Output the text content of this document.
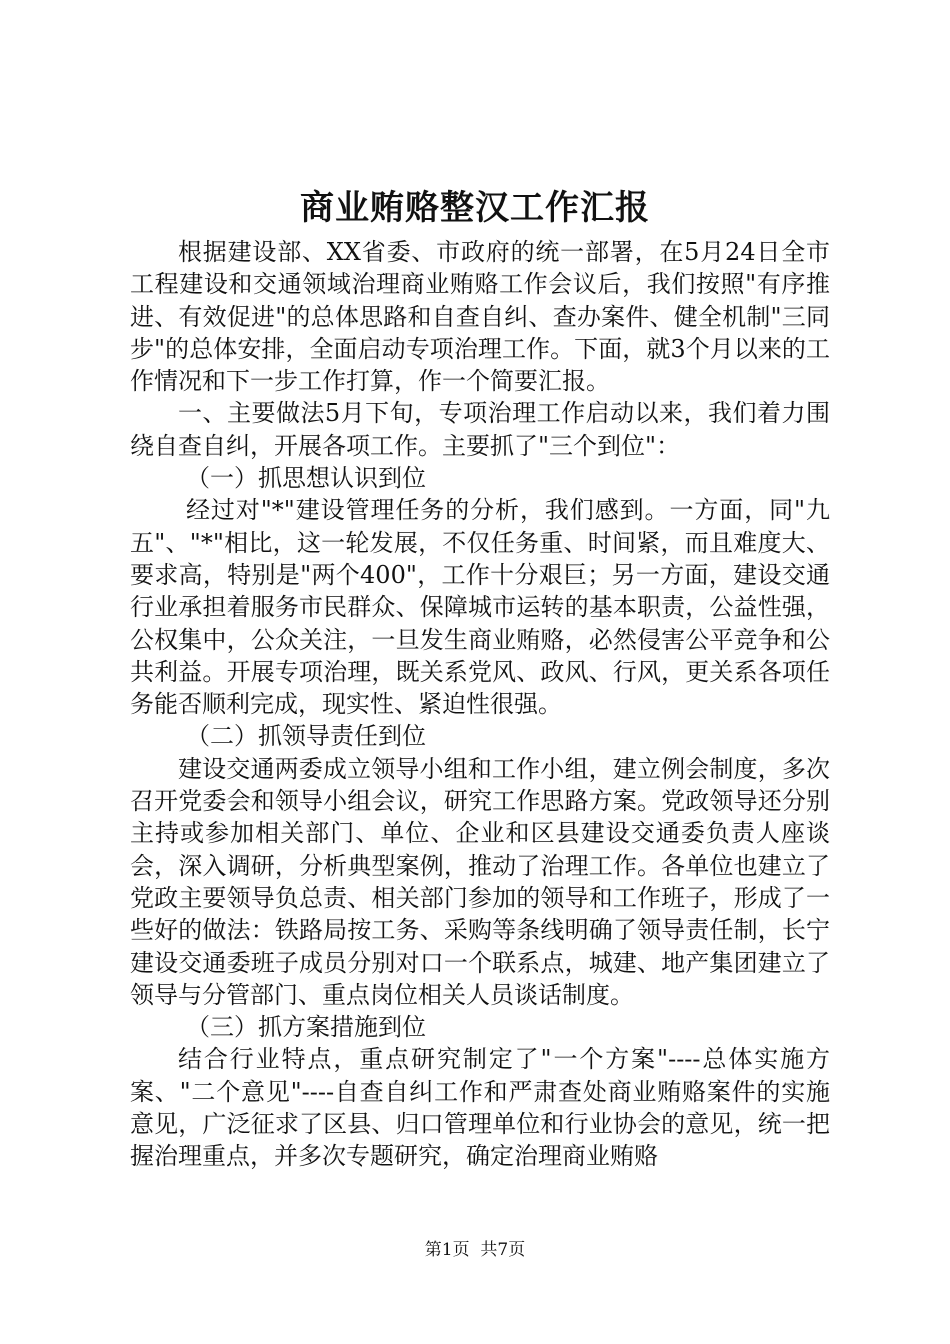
商业贿赂整汉工作汇报

根据建设部、XX省委、市政府的统一部署，在5月24日全市工程建设和交通领域治理商业贿赂工作会议后，我们按照"有序推进、有效促进"的总体思路和自查自纠、查办案件、健全机制"三同步"的总体安排，全面启动专项治理工作。下面，就3个月以来的工作情况和下一步工作打算，作一个简要汇报。

一、主要做法5月下旬，专项治理工作启动以来，我们着力围绕自查自纠，开展各项工作。主要抓了"三个到位"：

（一）抓思想认识到位

经过对"*"建设管理任务的分析，我们感到。一方面，同"九五"、"*"相比，这一轮发展，不仅任务重、时间紧，而且难度大、要求高，特别是"两个400"，工作十分艰巨；另一方面，建设交通行业承担着服务市民群众、保障城市运转的基本职责，公益性强，公权集中，公众关注，一旦发生商业贿赂，必然侵害公平竞争和公共利益。开展专项治理，既关系党风、政风、行风，更关系各项任务能否顺利完成，现实性、紧迫性很强。

（二）抓领导责任到位

建设交通两委成立领导小组和工作小组，建立例会制度，多次召开党委会和领导小组会议，研究工作思路方案。党政领导还分别主持或参加相关部门、单位、企业和区县建设交通委负责人座谈会，深入调研，分析典型案例，推动了治理工作。各单位也建立了党政主要领导负总责、相关部门参加的领导和工作班子，形成了一些好的做法：铁路局按工务、采购等条线明确了领导责任制，长宁建设交通委班子成员分别对口一个联系点，城建、地产集团建立了领导与分管部门、重点岗位相关人员谈话制度。

（三）抓方案措施到位

结合行业特点，重点研究制定了"一个方案"----总体实施方案、"二个意见"----自查自纠工作和严肃查处商业贿赂案件的实施意见，广泛征求了区县、归口管理单位和行业协会的意见，统一把握治理重点，并多次专题研究，确定治理商业贿赂

第1页  共7页
